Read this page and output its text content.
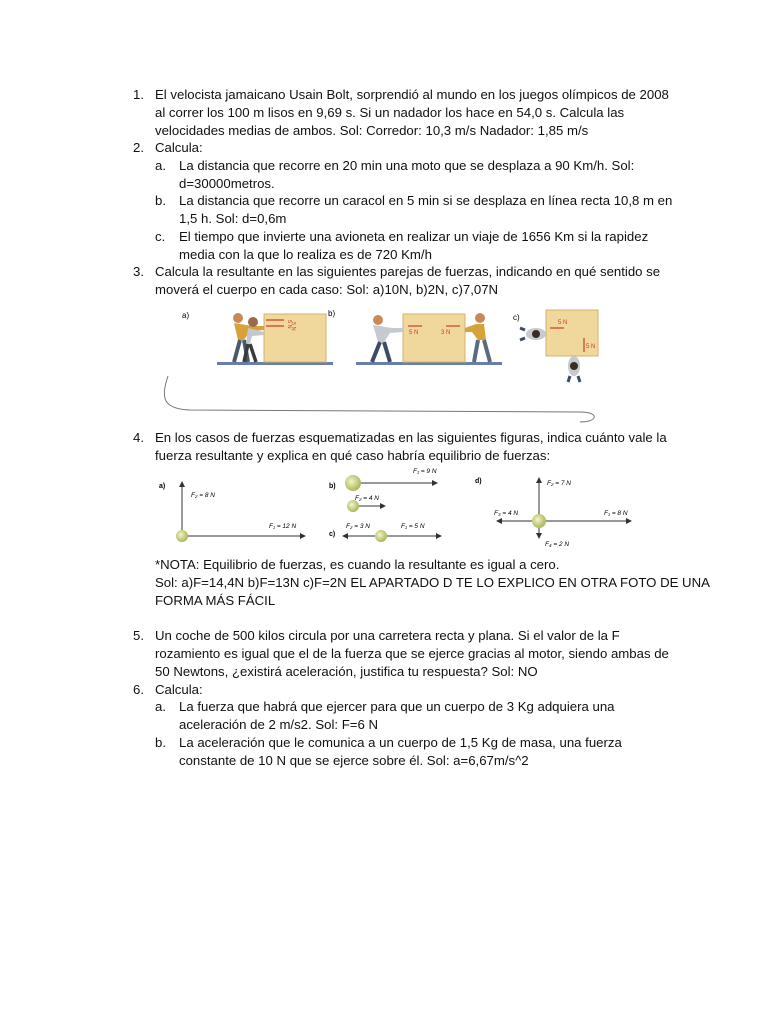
1. El velocista jamaicano Usain Bolt, sorprendió al mundo en los juegos olímpicos de 2008
al correr los 100 m lisos en 9,69 s. Si un nadador los hace en 54,0 s. Calcula las
velocidades medias de ambos. Sol: Corredor: 10,3 m/s Nadador: 1,85 m/s
2. Calcula:
a. La distancia que recorre en 20 min una moto que se desplaza a 90 Km/h. Sol:
d=30000metros.
b. La distancia que recorre un caracol en 5 min si se desplaza en línea recta 10,8 m en
1,5 h. Sol: d=0,6m
c. El tiempo que invierte una avioneta en realizar un viaje de 1656 Km si la rapidez
media con la que lo realiza es de 720 Km/h
3. Calcula la resultante en las siguientes parejas de fuerzas, indicando en qué sentido se
moverá el cuerpo en cada caso: Sol: a)10N, b)2N, c)7,07N
a)
5 N
5 N
b)
5 N	3 N
c)
5 N
5 N
4. En los casos de fuerzas esquematizadas en las siguientes figuras, indica cuánto vale la
fuerza resultante y explica en qué caso habría equilibrio de fuerzas:
a)
F₂ = 8 N
F₁ = 12 N
b)
F₁ = 9 N
F₂ = 4 N
c)
F₂ = 3 N	F₁ = 5 N
d)	F₂ = 7 N
F₃ = 4 N	F₁ = 8 N
F₄ = 2 N
*NOTA: Equilibrio de fuerzas, es cuando la resultante es igual a cero.
Sol: a)F=14,4N b)F=13N c)F=2N EL APARTADO D TE LO EXPLICO EN OTRA FOTO DE UNA
FORMA MÁS FÁCIL
5. Un coche de 500 kilos circula por una carretera recta y plana. Si el valor de la F
rozamiento es igual que el de la fuerza que se ejerce gracias al motor, siendo ambas de
50 Newtons, ¿existirá aceleración, justifica tu respuesta? Sol: NO
6. Calcula:
a. La fuerza que habrá que ejercer para que un cuerpo de 3 Kg adquiera una
aceleración de 2 m/s2. Sol: F=6 N
b. La aceleración que le comunica a un cuerpo de 1,5 Kg de masa, una fuerza
constante de 10 N que se ejerce sobre él. Sol: a=6,67m/s^2
